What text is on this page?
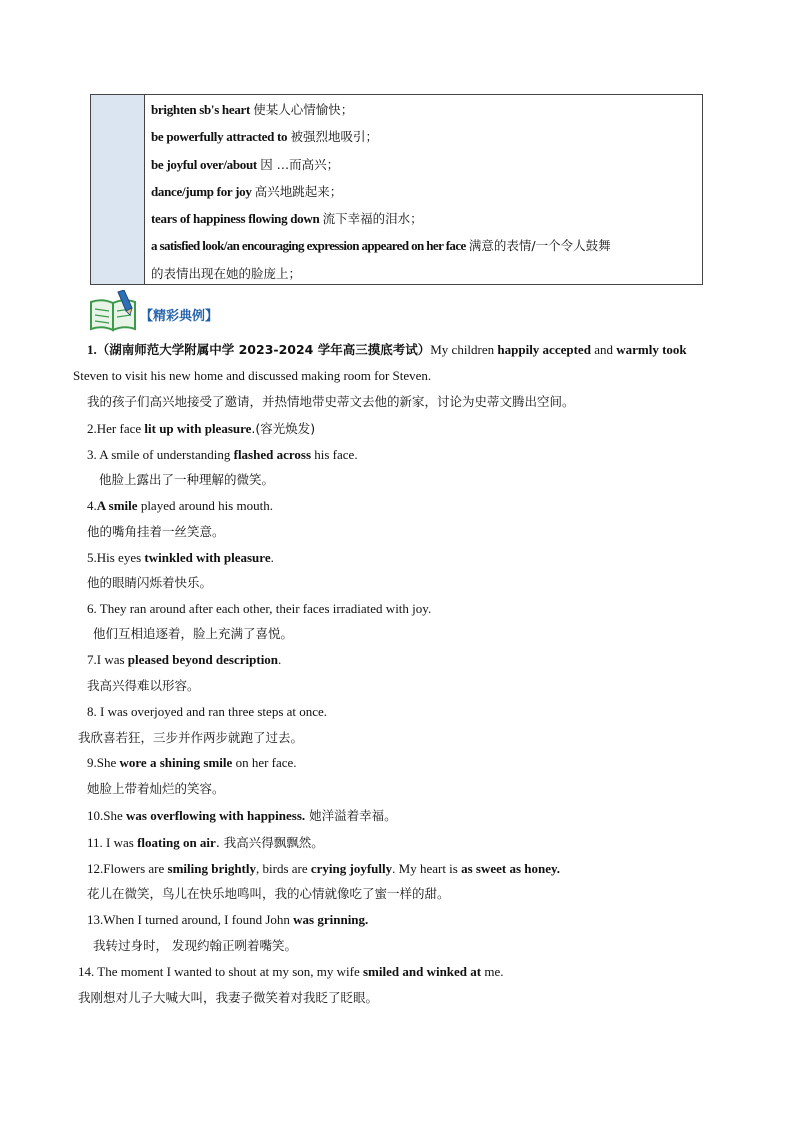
brighten sb's heart 使某人心情愉快；
be powerfully attracted to 被强烈地吸引；
be joyful over/about 因 …而高兴；
dance/jump for joy 高兴地跳起来；
tears of happiness flowing down 流下幸福的泪水；
a satisfied look/an encouraging expression appeared on her face 满意的表情/一个令人鼓舞
的表情出现在她的脸庞上；
【精彩典例】
1.（湖南师范大学附属中学 2023-2024 学年高三摸底考试）My children happily accepted and warmly took
Steven to visit his new home and discussed making room for Steven.
我的孩子们高兴地接受了邀请，并热情地带史蒂文去他的新家，讨论为史蒂文腾出空间。
2.Her face lit up with pleasure.(容光焕发)
3. A smile of understanding flashed across his face.
他脸上露出了一种理解的微笑。
4.A smile played around his mouth.
他的嘴角挂着一丝笑意。
5.His eyes twinkled with pleasure.
他的眼睛闪烁着快乐。
6. They ran around after each other, their faces irradiated with joy.
他们互相追逐着，脸上充满了喜悦。
7.I was pleased beyond description.
我高兴得难以形容。
8. I was overjoyed and ran three steps at once.
我欣喜若狂，三步并作两步就跑了过去。
9.She wore a shining smile on her face.
她脸上带着灿烂的笑容。
10.She was overflowing with happiness. 她洋溢着幸福。
11. I was floating on air. 我高兴得飘飘然。
12.Flowers are smiling brightly, birds are crying joyfully. My heart is as sweet as honey.
花儿在微笑，鸟儿在快乐地鸣叫，我的心情就像吃了蜜一样的甜。
13.When I turned around, I found John was grinning.
我转过身时， 发现约翰正咧着嘴笑。
14. The moment I wanted to shout at my son, my wife smiled and winked at me.
我刚想对儿子大喊大叫，我妻子微笑着对我眨了眨眼。
